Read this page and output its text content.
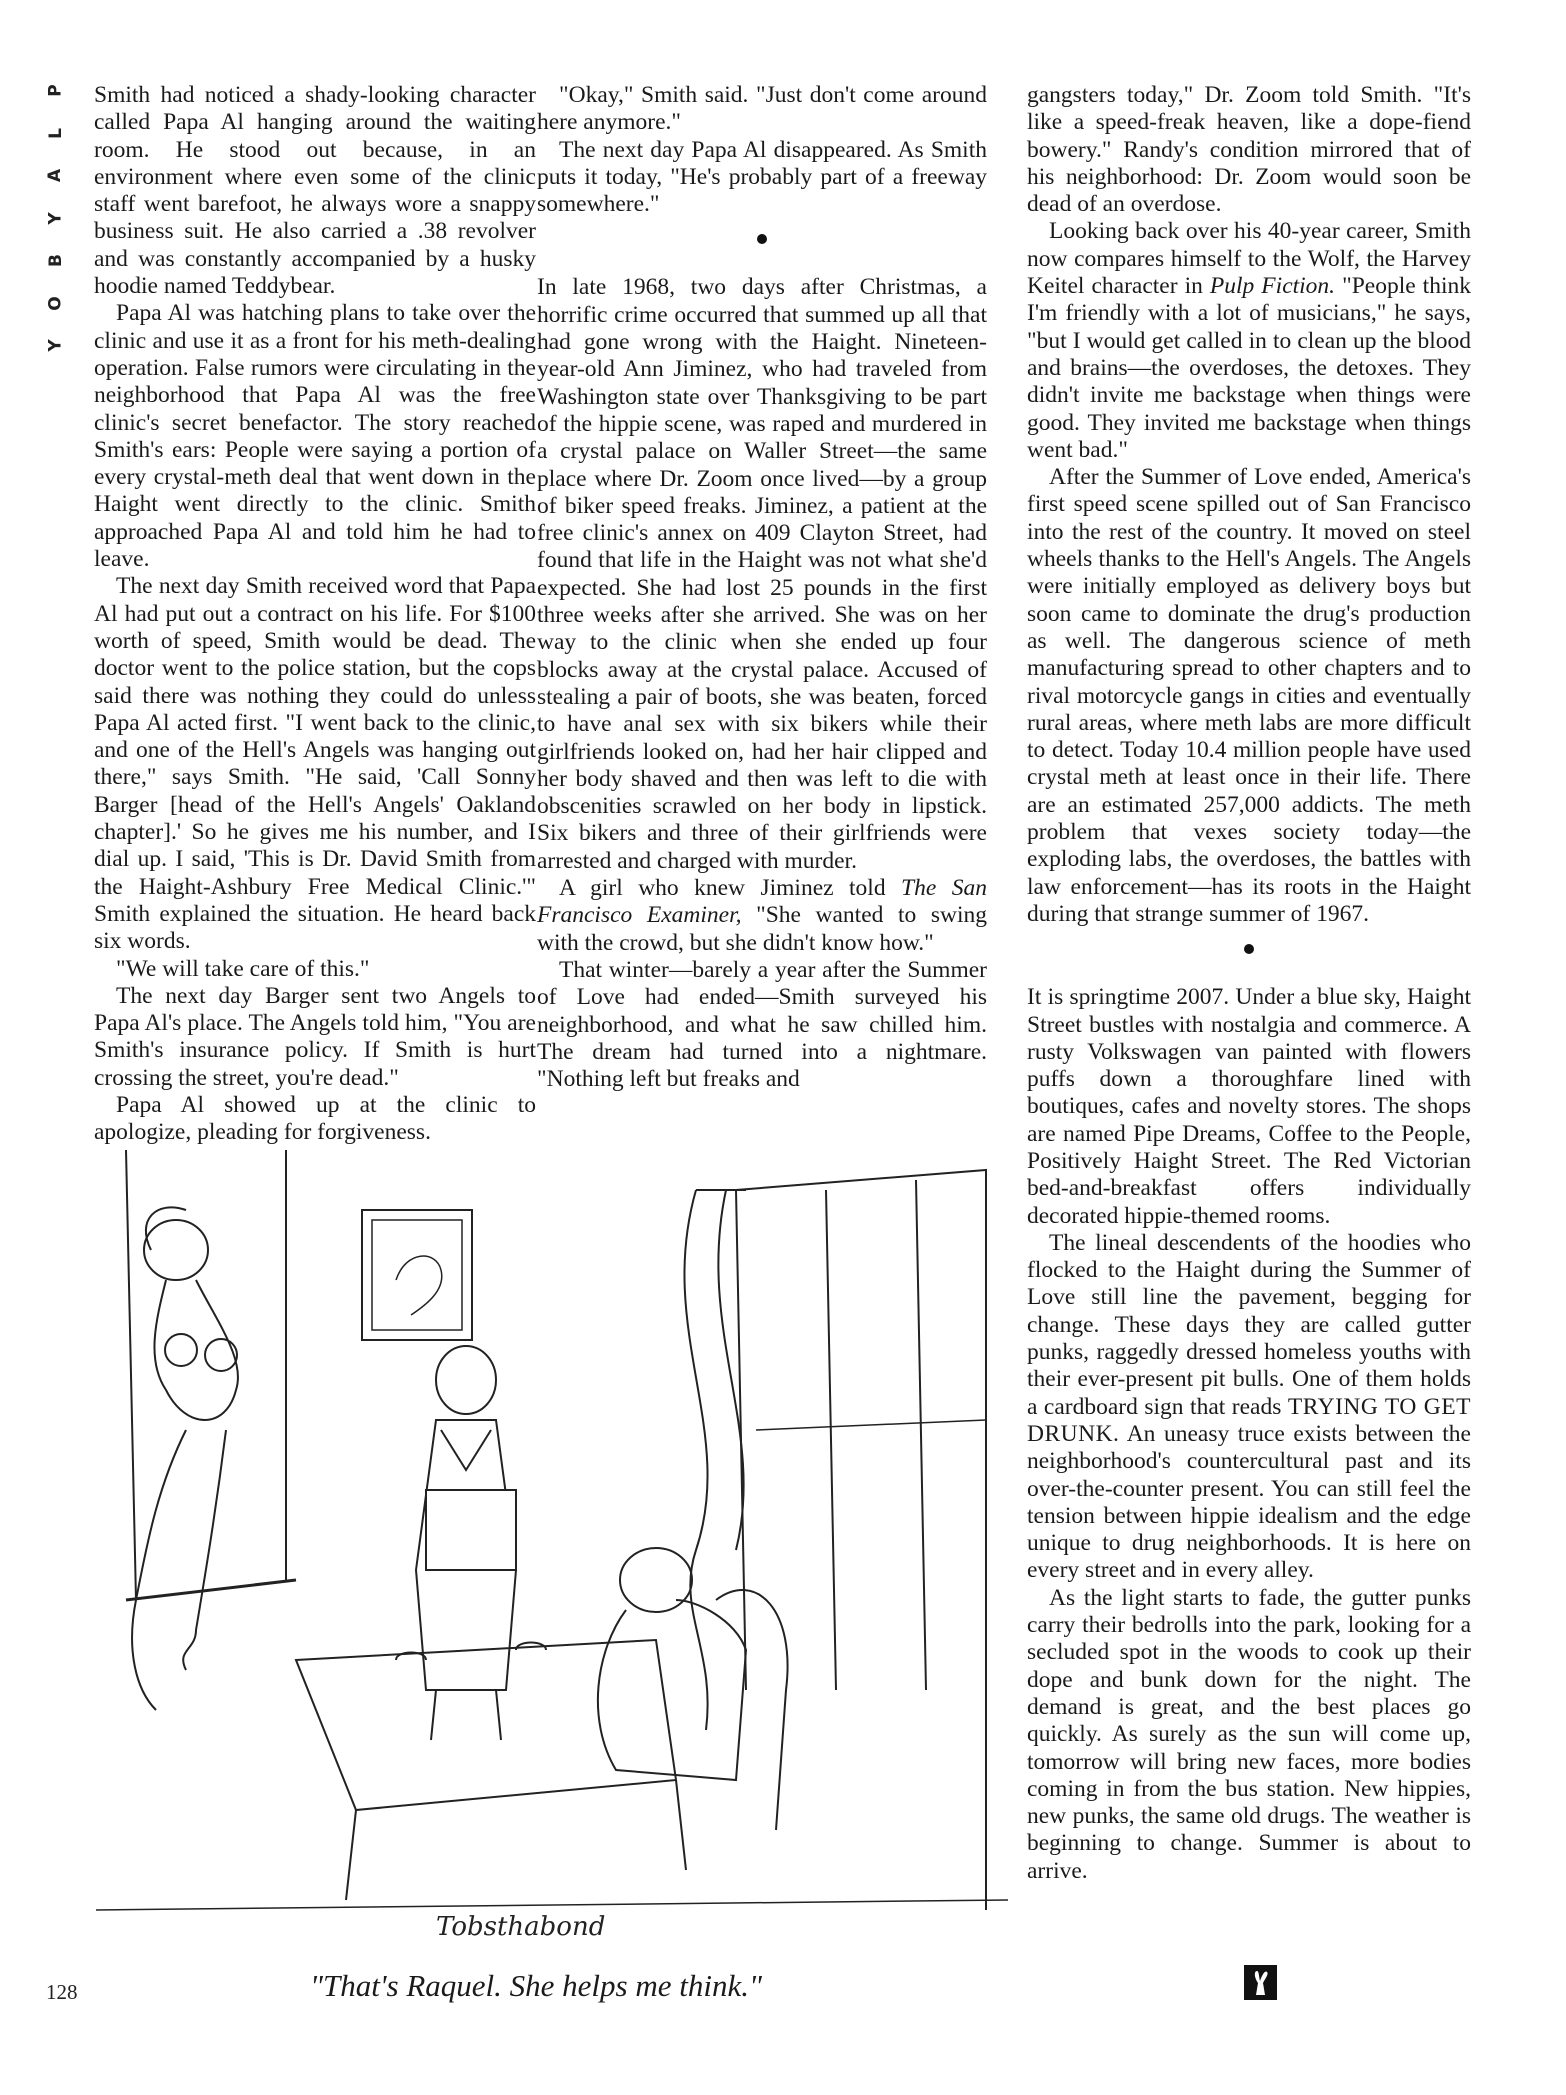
P
L
A
Y
B
O
Y

Smith had noticed a shady-looking character called Papa Al hanging around the waiting room. He stood out because, in an environment where even some of the clinic staff went barefoot, he always wore a snappy business suit. He also carried a .38 revolver and was constantly accompanied by a husky hoodie named Teddybear.

Papa Al was hatching plans to take over the clinic and use it as a front for his meth-dealing operation. False rumors were circulating in the neighborhood that Papa Al was the free clinic's secret benefactor. The story reached Smith's ears: People were saying a portion of every crystal-meth deal that went down in the Haight went directly to the clinic. Smith approached Papa Al and told him he had to leave.

The next day Smith received word that Papa Al had put out a contract on his life. For $100 worth of speed, Smith would be dead. The doctor went to the police station, but the cops said there was nothing they could do unless Papa Al acted first. "I went back to the clinic, and one of the Hell's Angels was hanging out there," says Smith. "He said, 'Call Sonny Barger [head of the Hell's Angels' Oakland chapter].' So he gives me his number, and I dial up. I said, 'This is Dr. David Smith from the Haight-Ashbury Free Medical Clinic.'" Smith explained the situation. He heard back six words.

"We will take care of this."

The next day Barger sent two Angels to Papa Al's place. The Angels told him, "You are Smith's insurance policy. If Smith is hurt crossing the street, you're dead."

Papa Al showed up at the clinic to apologize, pleading for forgiveness.

"Okay," Smith said. "Just don't come around here anymore."

The next day Papa Al disappeared. As Smith puts it today, "He's probably part of a freeway somewhere."

In late 1968, two days after Christmas, a horrific crime occurred that summed up all that had gone wrong with the Haight. Nineteen-year-old Ann Jiminez, who had traveled from Washington state over Thanksgiving to be part of the hippie scene, was raped and murdered in a crystal palace on Waller Street—the same place where Dr. Zoom once lived—by a group of biker speed freaks. Jiminez, a patient at the free clinic's annex on 409 Clayton Street, had found that life in the Haight was not what she'd expected. She had lost 25 pounds in the first three weeks after she arrived. She was on her way to the clinic when she ended up four blocks away at the crystal palace. Accused of stealing a pair of boots, she was beaten, forced to have anal sex with six bikers while their girlfriends looked on, had her hair clipped and her body shaved and then was left to die with obscenities scrawled on her body in lipstick. Six bikers and three of their girlfriends were arrested and charged with murder.

A girl who knew Jiminez told The San Francisco Examiner, "She wanted to swing with the crowd, but she didn't know how."

That winter—barely a year after the Summer of Love had ended—Smith surveyed his neighborhood, and what he saw chilled him. The dream had turned into a nightmare. "Nothing left but freaks and

gangsters today," Dr. Zoom told Smith. "It's like a speed-freak heaven, like a dope-fiend bowery." Randy's condition mirrored that of his neighborhood: Dr. Zoom would soon be dead of an overdose.

Looking back over his 40-year career, Smith now compares himself to the Wolf, the Harvey Keitel character in Pulp Fiction. "People think I'm friendly with a lot of musicians," he says, "but I would get called in to clean up the blood and brains—the overdoses, the detoxes. They didn't invite me backstage when things were good. They invited me backstage when things went bad."

After the Summer of Love ended, America's first speed scene spilled out of San Francisco into the rest of the country. It moved on steel wheels thanks to the Hell's Angels. The Angels were initially employed as delivery boys but soon came to dominate the drug's production as well. The dangerous science of meth manufacturing spread to other chapters and to rival motorcycle gangs in cities and eventually rural areas, where meth labs are more difficult to detect. Today 10.4 million people have used crystal meth at least once in their life. There are an estimated 257,000 addicts. The meth problem that vexes society today—the exploding labs, the overdoses, the battles with law enforcement—has its roots in the Haight during that strange summer of 1967.

It is springtime 2007. Under a blue sky, Haight Street bustles with nostalgia and commerce. A rusty Volkswagen van painted with flowers puffs down a thoroughfare lined with boutiques, cafes and novelty stores. The shops are named Pipe Dreams, Coffee to the People, Positively Haight Street. The Red Victorian bed-and-breakfast offers individually decorated hippie-themed rooms.

The lineal descendents of the hoodies who flocked to the Haight during the Summer of Love still line the pavement, begging for change. These days they are called gutter punks, raggedly dressed homeless youths with their ever-present pit bulls. One of them holds a cardboard sign that reads TRYING TO GET DRUNK. An uneasy truce exists between the neighborhood's countercultural past and its over-the-counter present. You can still feel the tension between hippie idealism and the edge unique to drug neighborhoods. It is here on every street and in every alley.

As the light starts to fade, the gutter punks carry their bedrolls into the park, looking for a secluded spot in the woods to cook up their dope and bunk down for the night. The demand is great, and the best places go quickly. As surely as the sun will come up, tomorrow will bring new faces, more bodies coming in from the bus station. New hippies, new punks, the same old drugs. The weather is beginning to change. Summer is about to arrive.

Tobsthabond
128	"That's Raquel. She helps me think."
